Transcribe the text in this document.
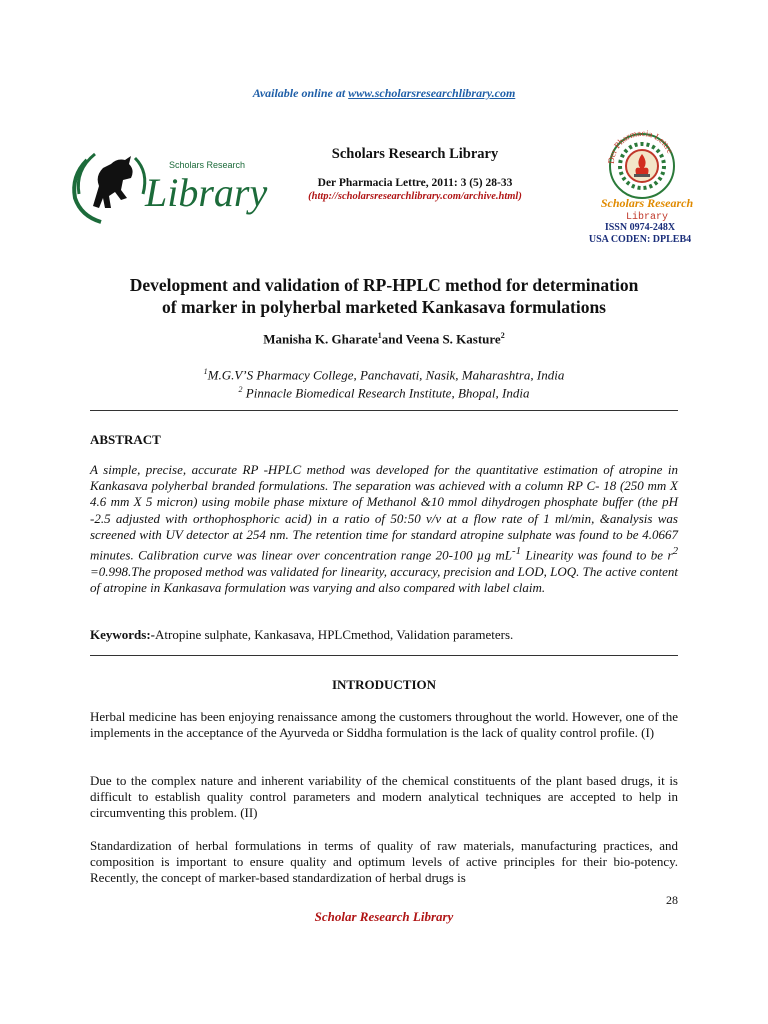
Available online at www.scholarsresearchlibrary.com
Scholars Research
Library
Scholars Research Library
Der Pharmacia Lettre, 2011: 3 (5) 28-33
(http://scholarsresearchlibrary.com/archive.html)
Der Pharmacia Lettre
Scholars Research
Library
ISSN 0974-248X
USA CODEN: DPLEB4
Development and validation of RP-HPLC method for determination
of marker in polyherbal marketed Kankasava formulations
Manisha K. Gharate$^1$and Veena S. Kasture$^2$
$^1$M.G.V’S Pharmacy College, Panchavati, Nasik, Maharashtra, India
$^2$ Pinnacle Biomedical Research Institute, Bhopal, India
ABSTRACT
A simple, precise, accurate RP -HPLC method was developed for the quantitative estimation of atropine in Kankasava polyherbal branded formulations. The separation was achieved with a column RP C- 18 (250 mm X 4.6 mm X 5 micron) using mobile phase mixture of Methanol &10 mmol dihydrogen phosphate buffer (the pH -2.5 adjusted with orthophosphoric acid) in a ratio of 50:50 v/v at a flow rate of 1 ml/min, &analysis was screened with UV detector at 254 nm. The retention time for standard atropine sulphate was found to be 4.0667 minutes. Calibration curve was linear over concentration range 20-100 µg $mL^{-1}$ Linearity was found to be $r^2 =0.998.The$ proposed method was validated for linearity, accuracy, precision and LOD, LOQ. The active content of atropine in Kankasava formulation was varying and also compared with label claim.
Keywords:-Atropine sulphate, Kankasava, HPLCmethod, Validation parameters.
INTRODUCTION
Herbal medicine has been enjoying renaissance among the customers throughout the world. However, one of the implements in the acceptance of the Ayurveda or Siddha formulation is the lack of quality control profile. (I)
Due to the complex nature and inherent variability of the chemical constituents of the plant based drugs, it is difficult to establish quality control parameters and modern analytical techniques are accepted to help in circumventing this problem. (II)
Standardization of herbal formulations in terms of quality of raw materials, manufacturing practices, and composition is important to ensure quality and optimum levels of active principles for their bio-potency. Recently, the concept of marker-based standardization of herbal drugs is
28
Scholar Research Library
